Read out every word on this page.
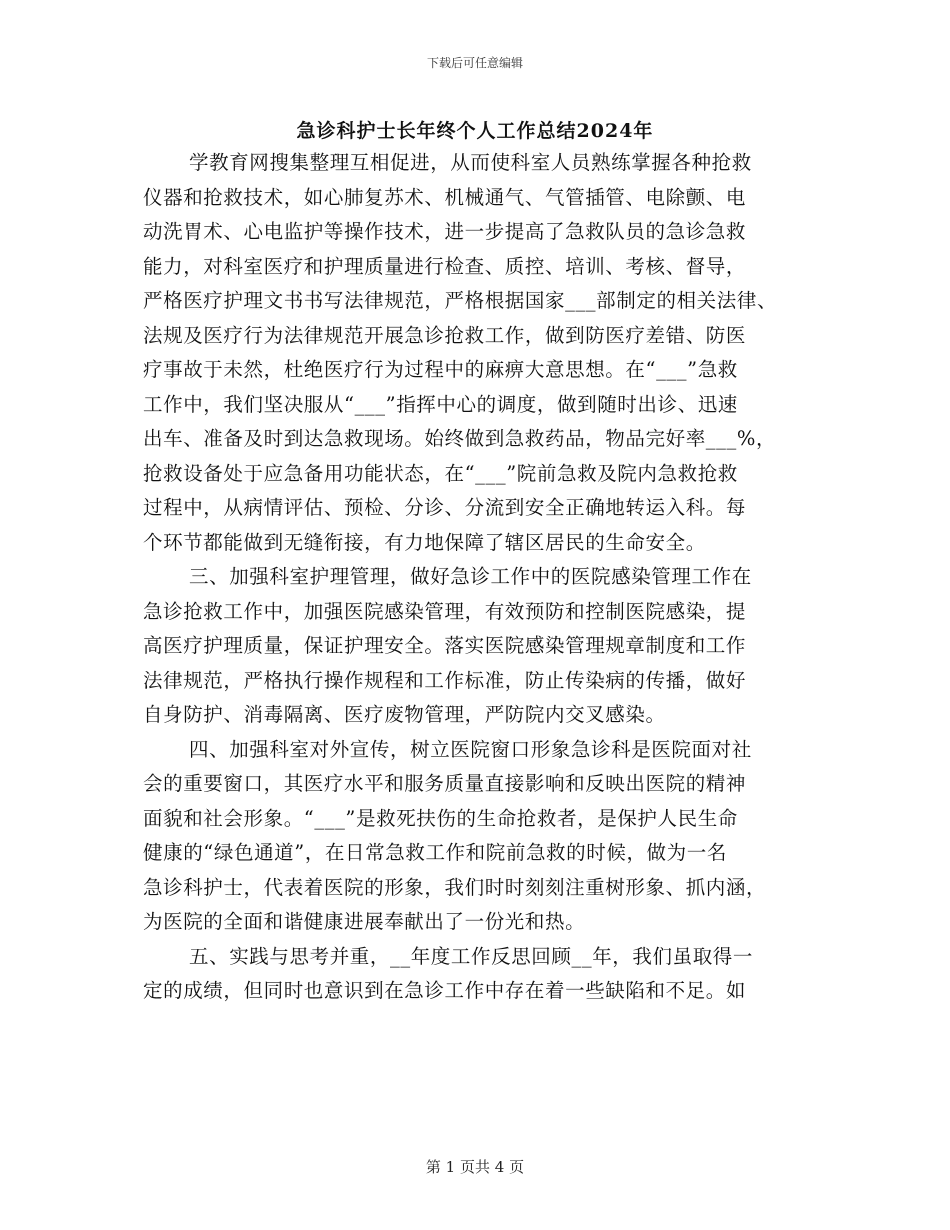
下载后可任意编辑
急诊科护士长年终个人工作总结2024年
学教育网搜集整理互相促进，从而使科室人员熟练掌握各种抢救
仪器和抢救技术，如心肺复苏术、机械通气、气管插管、电除颤、电
动洗胃术、心电监护等操作技术，进一步提高了急救队员的急诊急救
能力，对科室医疗和护理质量进行检查、质控、培训、考核、督导，
严格医疗护理文书书写法律规范，严格根据国家___部制定的相关法律、
法规及医疗行为法律规范开展急诊抢救工作，做到防医疗差错、防医
疗事故于未然，杜绝医疗行为过程中的麻痹大意思想。在“___”急救
工作中，我们坚决服从“___”指挥中心的调度，做到随时出诊、迅速
出车、准备及时到达急救现场。始终做到急救药品，物品完好率___%，
抢救设备处于应急备用功能状态，在“___”院前急救及院内急救抢救
过程中，从病情评估、预检、分诊、分流到安全正确地转运入科。每
个环节都能做到无缝衔接，有力地保障了辖区居民的生命安全。
三、加强科室护理管理，做好急诊工作中的医院感染管理工作在
急诊抢救工作中，加强医院感染管理，有效预防和控制医院感染，提
高医疗护理质量，保证护理安全。落实医院感染管理规章制度和工作
法律规范，严格执行操作规程和工作标准，防止传染病的传播，做好
自身防护、消毒隔离、医疗废物管理，严防院内交叉感染。
四、加强科室对外宣传，树立医院窗口形象急诊科是医院面对社
会的重要窗口，其医疗水平和服务质量直接影响和反映出医院的精神
面貌和社会形象。“___”是救死扶伤的生命抢救者，是保护人民生命
健康的“绿色通道”，在日常急救工作和院前急救的时候，做为一名
急诊科护士，代表着医院的形象，我们时时刻刻注重树形象、抓内涵，
为医院的全面和谐健康进展奉献出了一份光和热。
五、实践与思考并重，__年度工作反思回顾__年，我们虽取得一
定的成绩，但同时也意识到在急诊工作中存在着一些缺陷和不足。如
第 1 页共 4 页
